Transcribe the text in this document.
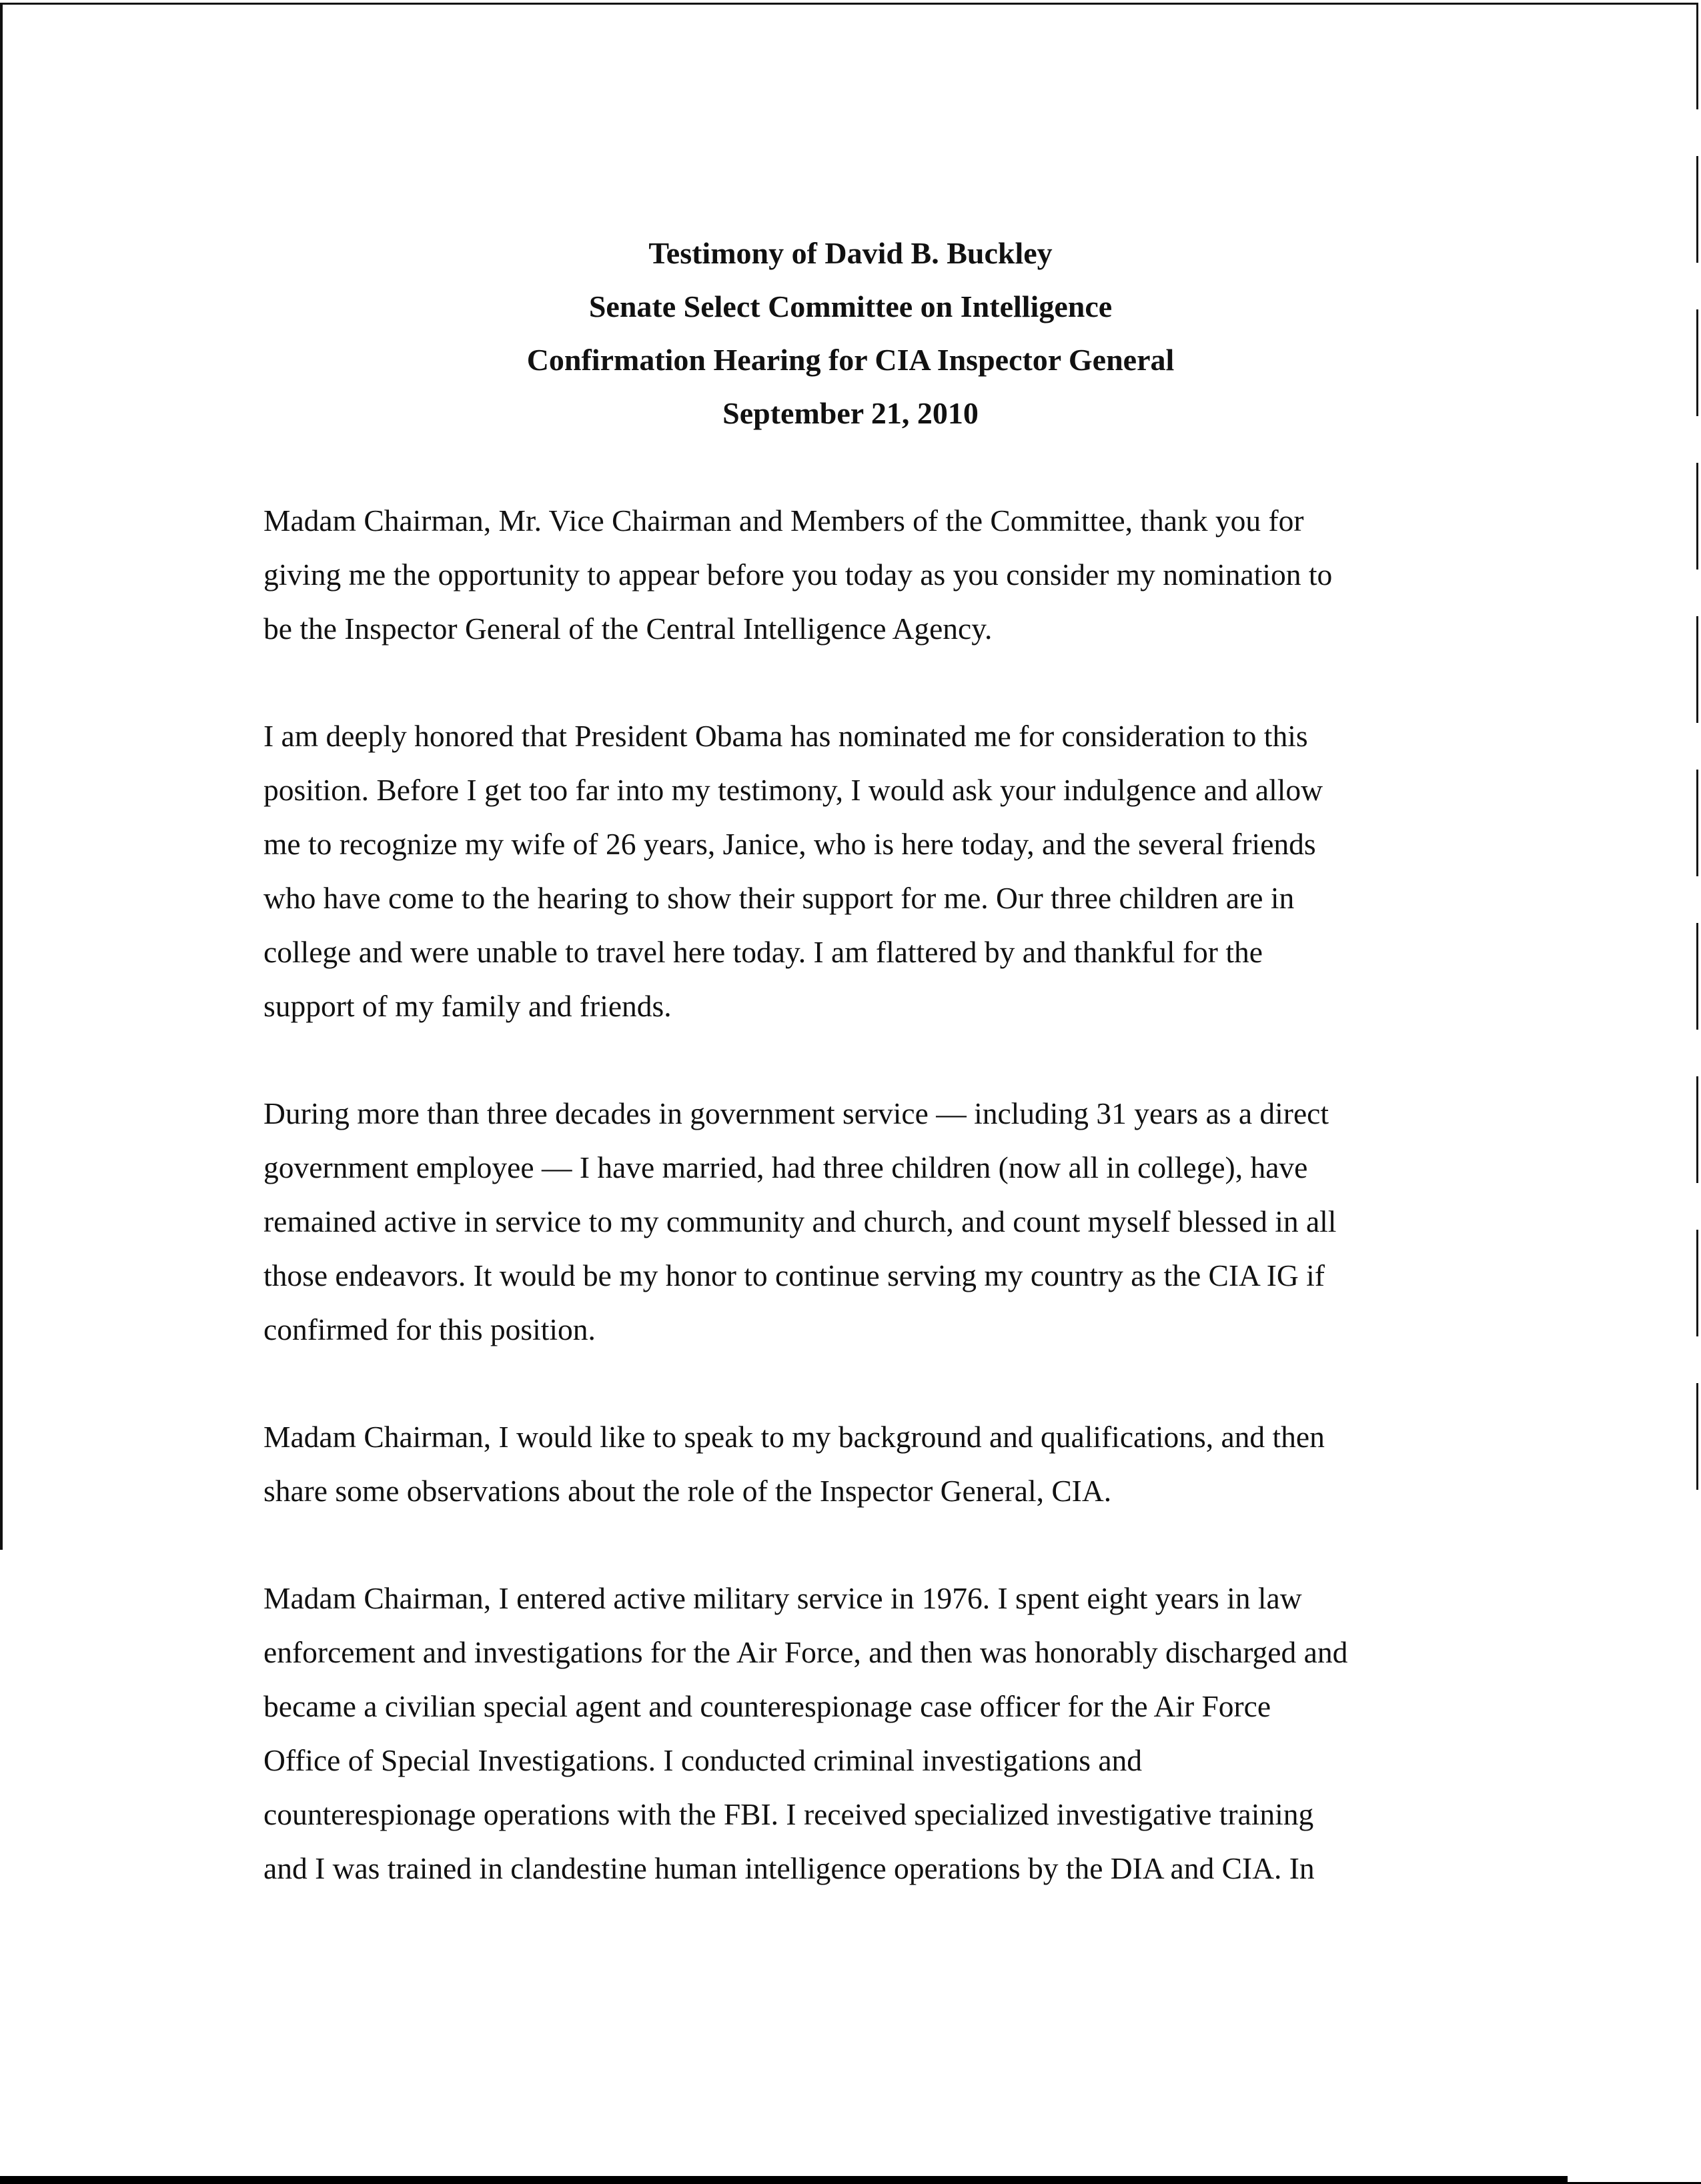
Testimony of David B. Buckley
Senate Select Committee on Intelligence
Confirmation Hearing for CIA Inspector General
September 21, 2010
Madam Chairman, Mr. Vice Chairman and Members of the Committee, thank you for
giving me the opportunity to appear before you today as you consider my nomination to
be the Inspector General of the Central Intelligence Agency.
I am deeply honored that President Obama has nominated me for consideration to this
position. Before I get too far into my testimony, I would ask your indulgence and allow
me to recognize my wife of 26 years, Janice, who is here today, and the several friends
who have come to the hearing to show their support for me. Our three children are in
college and were unable to travel here today. I am flattered by and thankful for the
support of my family and friends.
During more than three decades in government service — including 31 years as a direct
government employee — I have married, had three children (now all in college), have
remained active in service to my community and church, and count myself blessed in all
those endeavors. It would be my honor to continue serving my country as the CIA IG if
confirmed for this position.
Madam Chairman, I would like to speak to my background and qualifications, and then
share some observations about the role of the Inspector General, CIA.
Madam Chairman, I entered active military service in 1976. I spent eight years in law
enforcement and investigations for the Air Force, and then was honorably discharged and
became a civilian special agent and counterespionage case officer for the Air Force
Office of Special Investigations. I conducted criminal investigations and
counterespionage operations with the FBI. I received specialized investigative training
and I was trained in clandestine human intelligence operations by the DIA and CIA. In
